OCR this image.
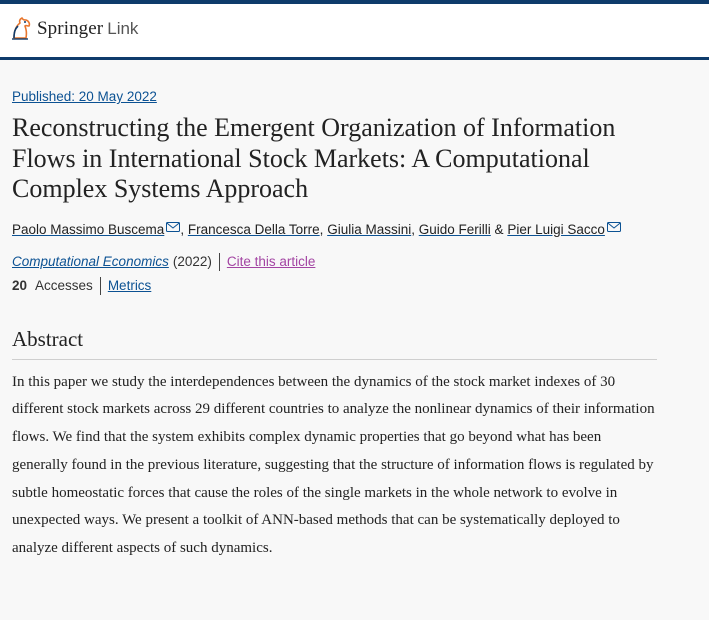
Springer Link
Published: 20 May 2022
Reconstructing the Emergent Organization of Information Flows in International Stock Markets: A Computational Complex Systems Approach
Paolo Massimo Buscema , Francesca Della Torre, Giulia Massini, Guido Ferilli & Pier Luigi Sacco
Computational Economics (2022) Cite this article
20 Accesses Metrics
Abstract

In this paper we study the interdependences between the dynamics of the stock market indexes of 30 different stock markets across 29 different countries to analyze the nonlinear dynamics of their information flows. We find that the system exhibits complex dynamic properties that go beyond what has been generally found in the previous literature, suggesting that the structure of information flows is regulated by subtle homeostatic forces that cause the roles of the single markets in the whole network to evolve in unexpected ways. We present a toolkit of ANN-based methods that can be systematically deployed to analyze different aspects of such dynamics.
